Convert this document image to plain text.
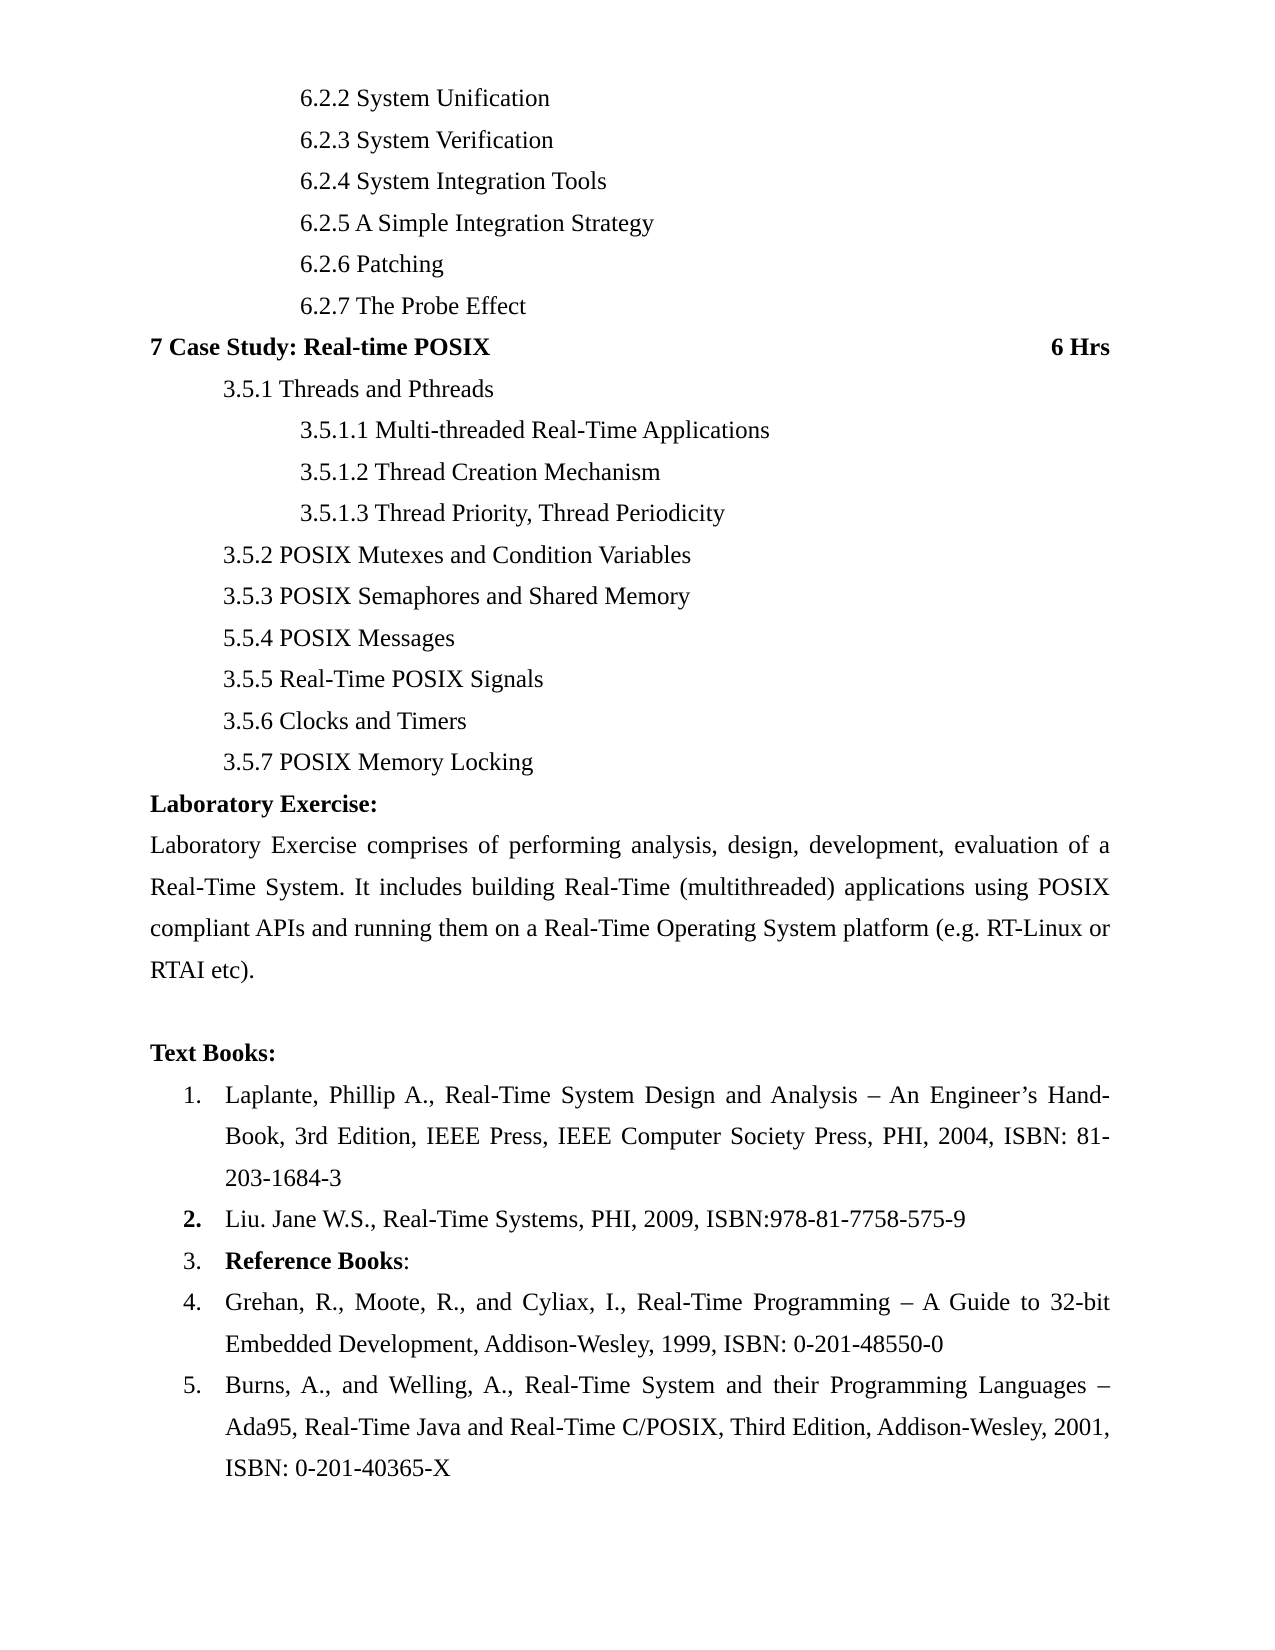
6.2.2 System Unification
6.2.3 System Verification
6.2.4 System Integration Tools
6.2.5 A Simple Integration Strategy
6.2.6 Patching
6.2.7 The Probe Effect
7 Case Study: Real-time POSIX	6 Hrs
3.5.1 Threads and Pthreads
3.5.1.1 Multi-threaded Real-Time Applications
3.5.1.2 Thread Creation Mechanism
3.5.1.3 Thread Priority, Thread Periodicity
3.5.2 POSIX Mutexes and Condition Variables
3.5.3 POSIX Semaphores and Shared Memory
5.5.4 POSIX Messages
3.5.5 Real-Time POSIX Signals
3.5.6 Clocks and Timers
3.5.7 POSIX Memory Locking
Laboratory Exercise:
Laboratory Exercise comprises of performing analysis, design, development, evaluation of a Real-Time System. It includes building Real-Time (multithreaded) applications using POSIX compliant APIs and running them on a Real-Time Operating System platform (e.g. RT-Linux or RTAI etc).
Text Books:
1. Laplante, Phillip A., Real-Time System Design and Analysis – An Engineer’s Hand-Book, 3rd Edition, IEEE Press, IEEE Computer Society Press, PHI, 2004, ISBN: 81-203-1684-3
2. Liu. Jane W.S., Real-Time Systems, PHI, 2009, ISBN:978-81-7758-575-9
3. Reference Books:
4. Grehan, R., Moote, R., and Cyliax, I., Real-Time Programming – A Guide to 32-bit Embedded Development, Addison-Wesley, 1999, ISBN: 0-201-48550-0
5. Burns, A., and Welling, A., Real-Time System and their Programming Languages – Ada95, Real-Time Java and Real-Time C/POSIX, Third Edition, Addison-Wesley, 2001, ISBN: 0-201-40365-X
